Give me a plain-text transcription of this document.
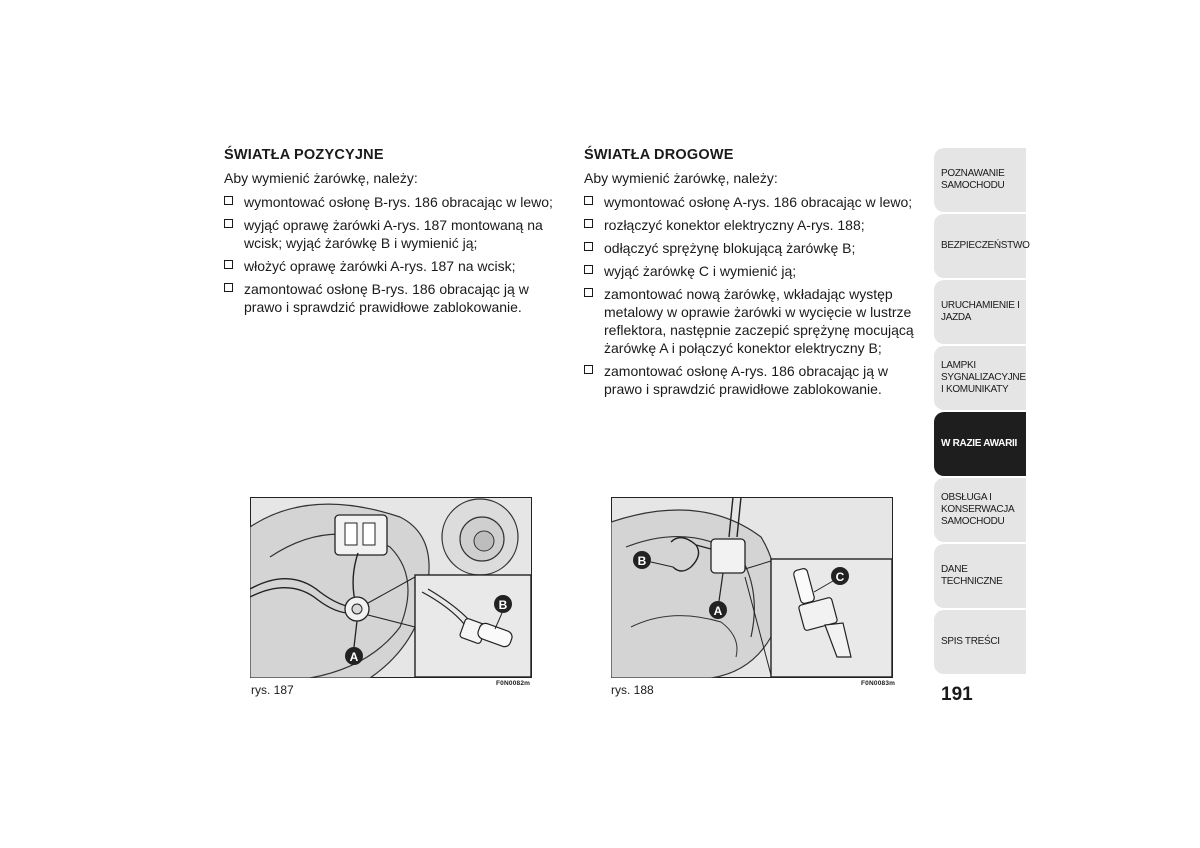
ŚWIATŁA POZYCYJNE
Aby wymienić żarówkę, należy:
wymontować osłonę B-rys. 186 obracając w lewo;
wyjąć oprawę żarówki A-rys. 187 montowaną na wcisk; wyjąć żarówkę B i wymienić ją;
włożyć oprawę żarówki A-rys. 187 na wcisk;
zamontować osłonę B-rys. 186 obracając ją w prawo i sprawdzić prawidłowe zablokowanie.
ŚWIATŁA DROGOWE
Aby wymienić żarówkę, należy:
wymontować osłonę A-rys. 186 obracając w lewo;
rozłączyć konektor elektryczny A-rys. 188;
odłączyć sprężynę blokującą żarówkę B;
wyjąć żarówkę C i wymienić ją;
zamontować nową żarówkę, wkładając występ metalowy w oprawie żarówki w wycięcie w lustrze reflektora, następnie zaczepić sprężynę mocującą żarówkę A i połączyć konektor elektryczny B;
zamontować osłonę A-rys. 186 obracając ją w prawo i sprawdzić prawidłowe zablokowanie.
A
B
rys. 187	F0N0082m
B
A
C
rys. 188	F0N0083m
POZNAWANIE SAMOCHODU
BEZPIECZEŃSTWO
URUCHAMIENIE I JAZDA
LAMPKI SYGNALIZACYJNE I KOMUNIKATY
W RAZIE AWARII
OBSŁUGA I KONSERWACJA SAMOCHODU
DANE TECHNICZNE
SPIS TREŚCI
191
